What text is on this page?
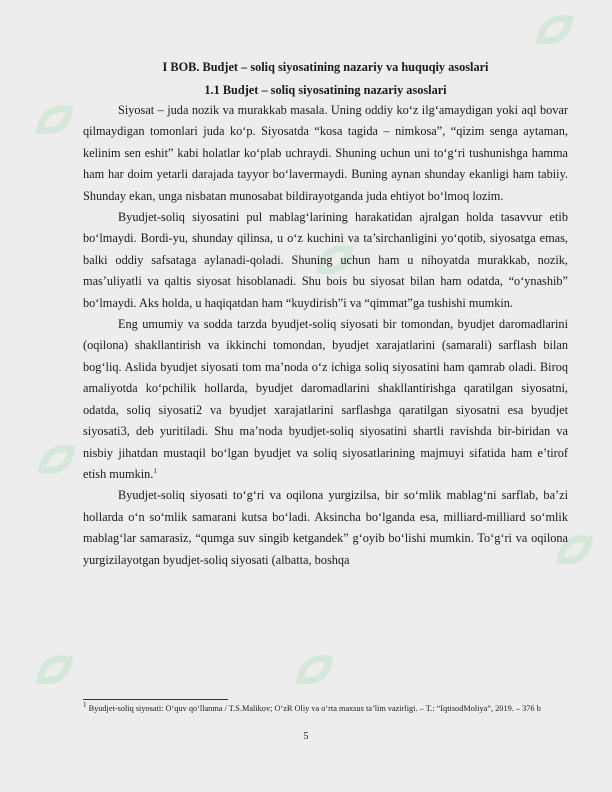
I BOB. Budjet – soliq siyosatining nazariy va huquqiy asoslari

1.1 Budjet – soliq siyosatining nazariy asoslari

Siyosat – juda nozik va murakkab masala. Uning oddiy ko‘z ilg‘amaydigan yoki aql bovar qilmaydigan tomonlari juda ko‘p. Siyosatda “kosa tagida – nimkosa”, “qizim senga aytaman, kelinim sen eshit” kabi holatlar ko‘plab uchraydi. Shuning uchun uni to‘g‘ri tushunishga hamma ham har doim yetarli darajada tayyor bo‘lavermaydi. Buning aynan shunday ekanligi ham tabiiy. Shunday ekan, unga nisbatan munosabat bildirayotganda juda ehtiyot bo‘lmoq lozim.

Byudjet-soliq siyosatini pul mablag‘larining harakatidan ajralgan holda tasavvur etib bo‘lmaydi. Bordi-yu, shunday qilinsa, u o‘z kuchini va ta’sirchanligini yo‘qotib, siyosatga emas, balki oddiy safsataga aylanadi-qoladi. Shuning uchun ham u nihoyatda murakkab, nozik, mas’uliyatli va qaltis siyosat hisoblanadi. Shu bois bu siyosat bilan ham odatda, “o‘ynashib” bo‘lmaydi. Aks holda, u haqiqatdan ham “kuydirish”i va “qimmat”ga tushishi mumkin.

Eng umumiy va sodda tarzda byudjet-soliq siyosati bir tomondan, byudjet daromadlarini (oqilona) shakllantirish va ikkinchi tomondan, byudjet xarajatlarini (samarali) sarflash bilan bog‘liq. Aslida byudjet siyosati tom ma’noda o‘z ichiga soliq siyosatini ham qamrab oladi. Biroq amaliyotda ko‘pchilik hollarda, byudjet daromadlarini shakllantirishga qaratilgan siyosatni, odatda, soliq siyosati2 va byudjet xarajatlarini sarflashga qaratilgan siyosatni esa byudjet siyosati3, deb yuritiladi. Shu ma’noda byudjet-soliq siyosatini shartli ravishda bir-biridan va nisbiy jihatdan mustaqil bo‘lgan byudjet va soliq siyosatlarining majmuyi sifatida ham e’tirof etish mumkin.$^1$

Byudjet-soliq siyosati to‘g‘ri va oqilona yurgizilsa, bir so‘mlik mablag‘ni sarflab, ba’zi hollarda o‘n so‘mlik samarani kutsa bo‘ladi. Aksincha bo‘lganda esa, milliard-milliard so‘mlik mablag‘lar samarasiz, “qumga suv singib ketgandek” g‘oyib bo‘lishi mumkin. To‘g‘ri va oqilona yurgizilayotgan byudjet-soliq siyosati (albatta, boshqa

$^1$ Byudjet-soliq siyosati: O‘quv qo‘llanma / T.S.Malikov; O‘zR Oliy va o‘rta maxsus ta’lim vazirligi. – T.: “IqtisodMoliya”, 2019. – 376 b

5
